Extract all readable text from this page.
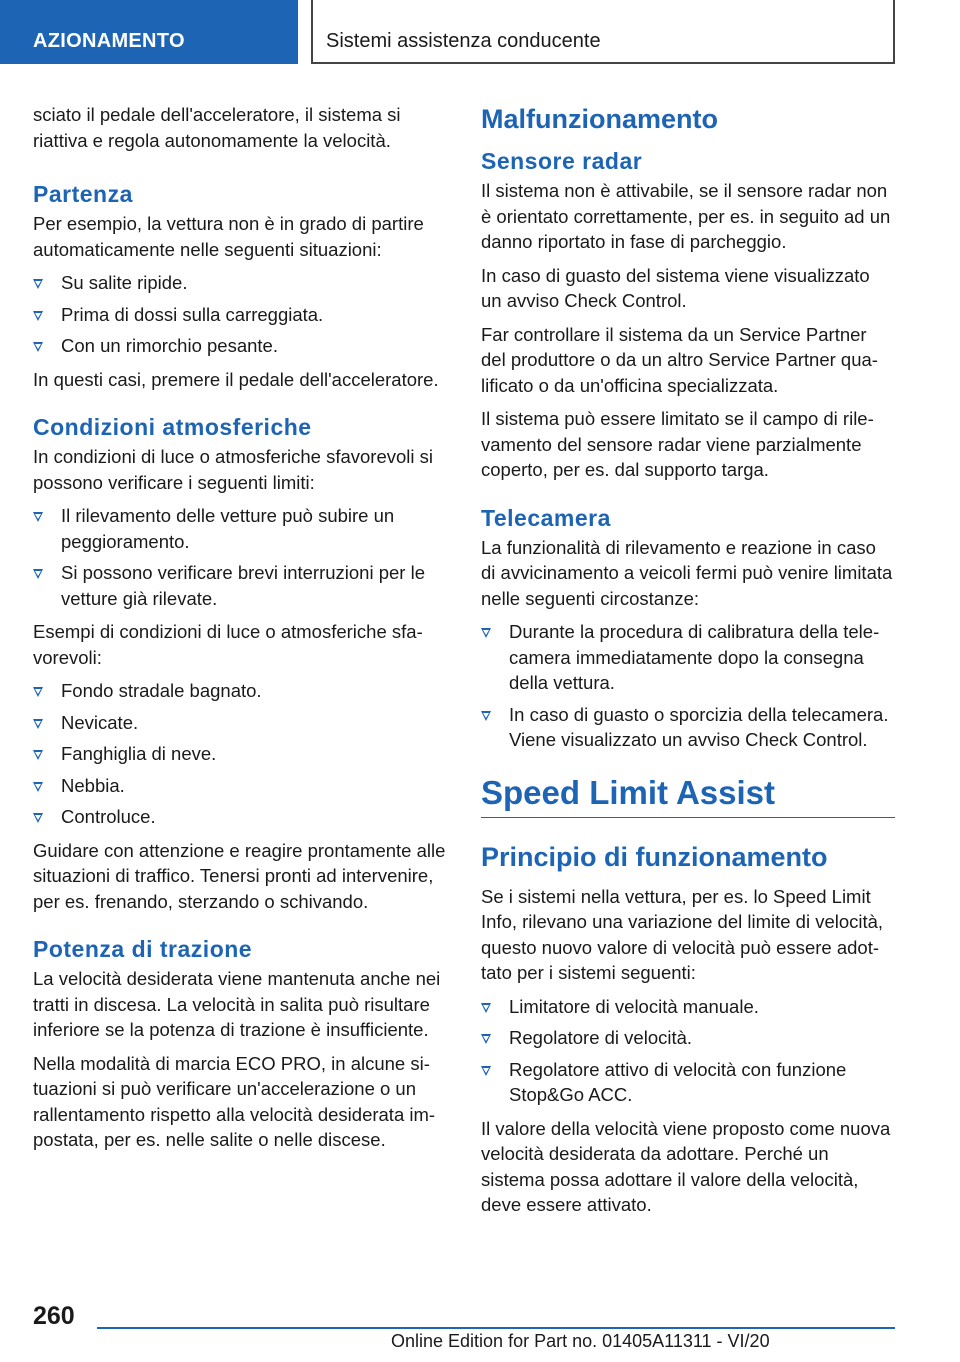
AZIONAMENTO	Sistemi assistenza conducente

sciato il pedale dell'acceleratore, il sistema si riattiva e regola autonomamente la velocità.

Partenza

Per esempio, la vettura non è in grado di partire automaticamente nelle seguenti situazioni:

Su salite ripide.
Prima di dossi sulla carreggiata.
Con un rimorchio pesante.

In questi casi, premere il pedale dell'acceleratore.

Condizioni atmosferiche

In condizioni di luce o atmosferiche sfavorevoli si possono verificare i seguenti limiti:

Il rilevamento delle vetture può subire un peggioramento.
Si possono verificare brevi interruzioni per le vetture già rilevate.

Esempi di condizioni di luce o atmosferiche sfavorevoli:

Fondo stradale bagnato.
Nevicate.
Fanghiglia di neve.
Nebbia.
Controluce.

Guidare con attenzione e reagire prontamente alle situazioni di traffico. Tenersi pronti ad intervenire, per es. frenando, sterzando o schivando.

Potenza di trazione

La velocità desiderata viene mantenuta anche nei tratti in discesa. La velocità in salita può risultare inferiore se la potenza di trazione è insufficiente.

Nella modalità di marcia ECO PRO, in alcune situazioni si può verificare un'accelerazione o un rallentamento rispetto alla velocità desiderata impostata, per es. nelle salite o nelle discese.

Malfunzionamento
Sensore radar

Il sistema non è attivabile, se il sensore radar non è orientato correttamente, per es. in seguito ad un danno riportato in fase di parcheggio.

In caso di guasto del sistema viene visualizzato un avviso Check Control.

Far controllare il sistema da un Service Partner del produttore o da un altro Service Partner qualificato o da un'officina specializzata.

Il sistema può essere limitato se il campo di rilevamento del sensore radar viene parzialmente coperto, per es. dal supporto targa.

Telecamera

La funzionalità di rilevamento e reazione in caso di avvicinamento a veicoli fermi può venire limitata nelle seguenti circostanze:

Durante la procedura di calibratura della telecamera immediatamente dopo la consegna della vettura.
In caso di guasto o sporcizia della telecamera. Viene visualizzato un avviso Check Control.
Speed Limit Assist
Principio di funzionamento

Se i sistemi nella vettura, per es. lo Speed Limit Info, rilevano una variazione del limite di velocità, questo nuovo valore di velocità può essere adottato per i sistemi seguenti:

Limitatore di velocità manuale.
Regolatore di velocità.
Regolatore attivo di velocità con funzione Stop&Go ACC.

Il valore della velocità viene proposto come nuova velocità desiderata da adottare. Perché un sistema possa adottare il valore della velocità, deve essere attivato.

260
Online Edition for Part no. 01405A11311 - VI/20
